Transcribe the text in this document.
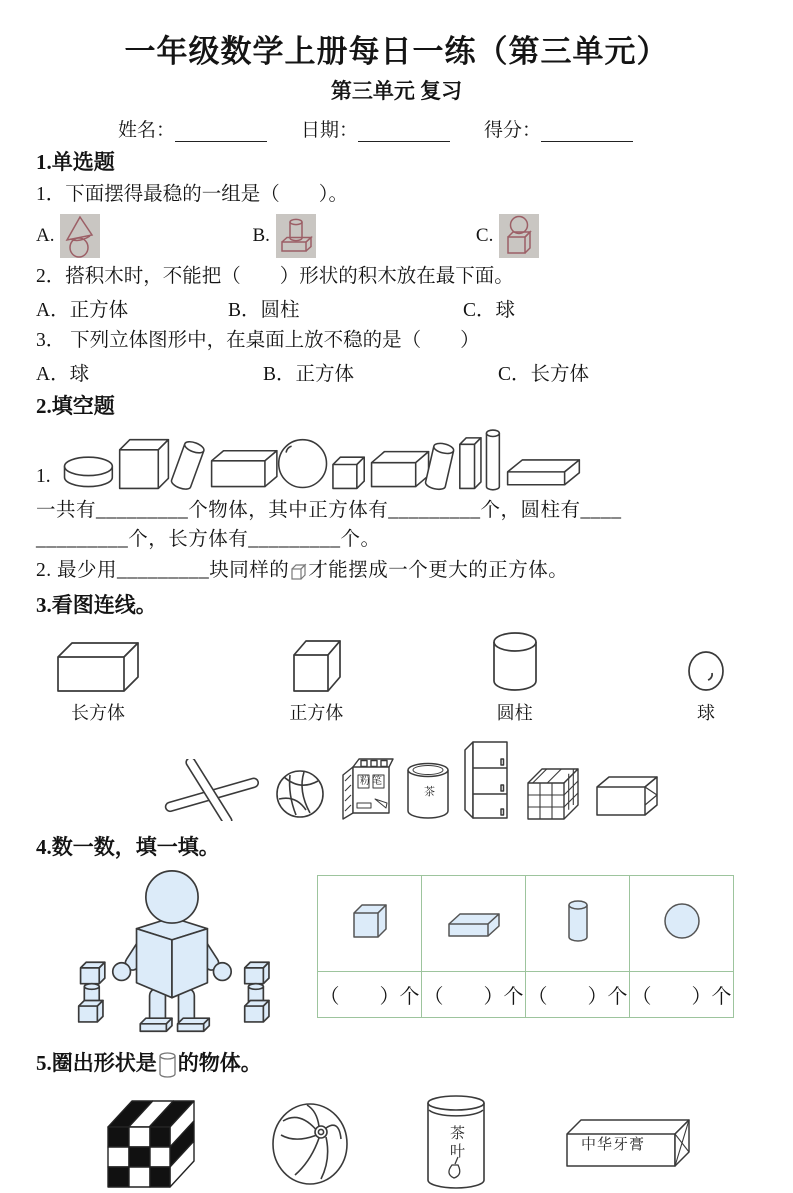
一年级数学上册每日一练（第三单元）
第三单元 复习
姓名：	日期：	得分：
1.单选题
1．下面摆得最稳的一组是（　　）。
A.	B.	C.
2．搭积木时，不能把（　　）形状的积木放在最下面。
A．正方体	B．圆柱	C．球
3． 下列立体图形中，在桌面上放不稳的是（　　）
A．球	B．正方体	C．长方体
2.填空题
1.
一共有_________个物体，其中正方体有_________个，圆柱有____
_________个，长方体有_________个。
2. 最少用_________块同样的 才能摆成一个更大的正方体。
3.看图连线。
长方体	正方体	圆柱	球
粉笔
茶
4.数一数，填一填。

（　　）个	（　　）个	（　　）个	（　　）个
5.圈出形状是 的物体。
茶叶	中华牙膏
